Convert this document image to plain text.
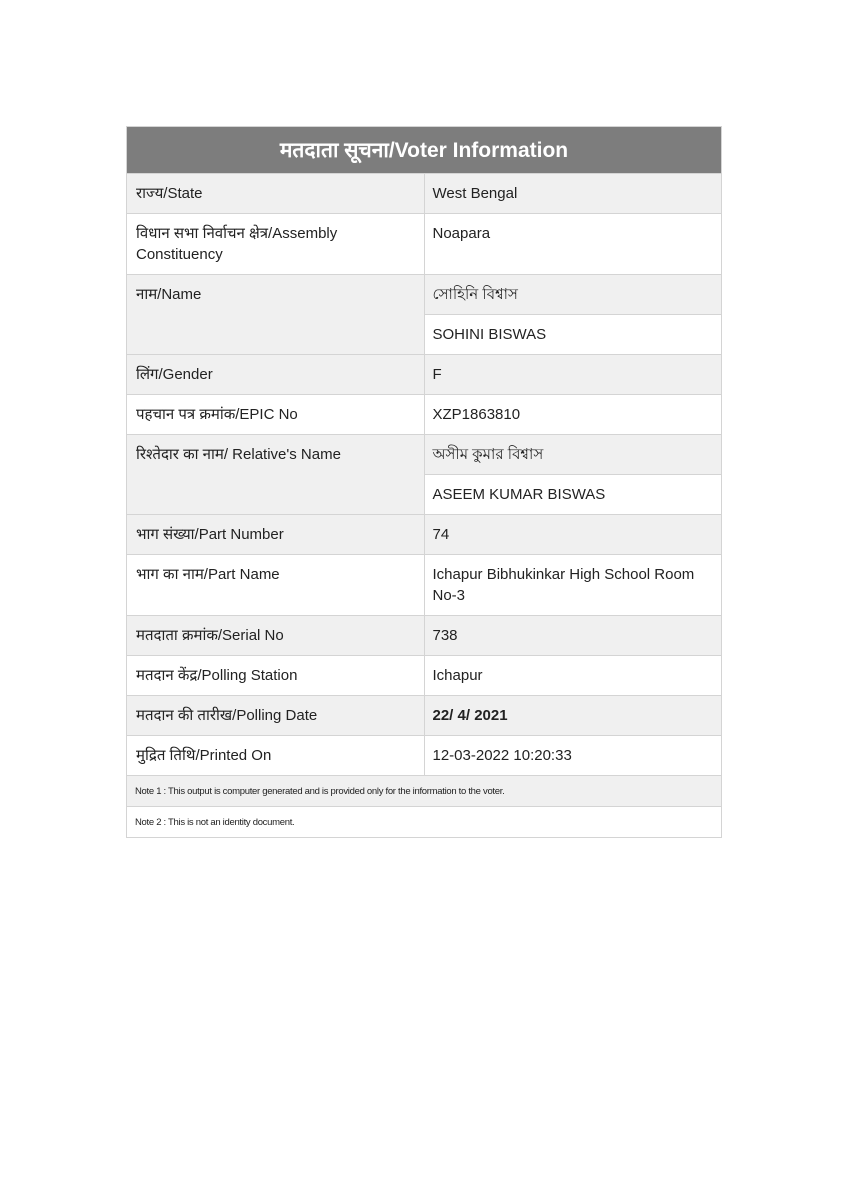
मतदाता सूचना/Voter Information	
राज्य/State	West Bengal
विधान सभा निर्वाचन क्षेत्र/Assembly Constituency	Noapara
नाम/Name	সোহিনি বিশ্বাস
	SOHINI BISWAS
लिंग/Gender	F
पहचान पत्र क्रमांक/EPIC No	XZP1863810
रिश्तेदार का नाम/ Relative's Name	অসীম কুমার বিশ্বাস
	ASEEM KUMAR BISWAS
भाग संख्या/Part Number	74
भाग का नाम/Part Name	Ichapur Bibhukinkar High School Room No-3
मतदाता क्रमांक/Serial No	738
मतदान केंद्र/Polling Station	Ichapur
मतदान की तारीख/Polling Date	22/ 4/ 2021
मुद्रित तिथि/Printed On	12-03-2022 10:20:33
Note 1 : This output is computer generated and is provided only for the information to the voter.	
Note 2 : This is not an identity document.	
